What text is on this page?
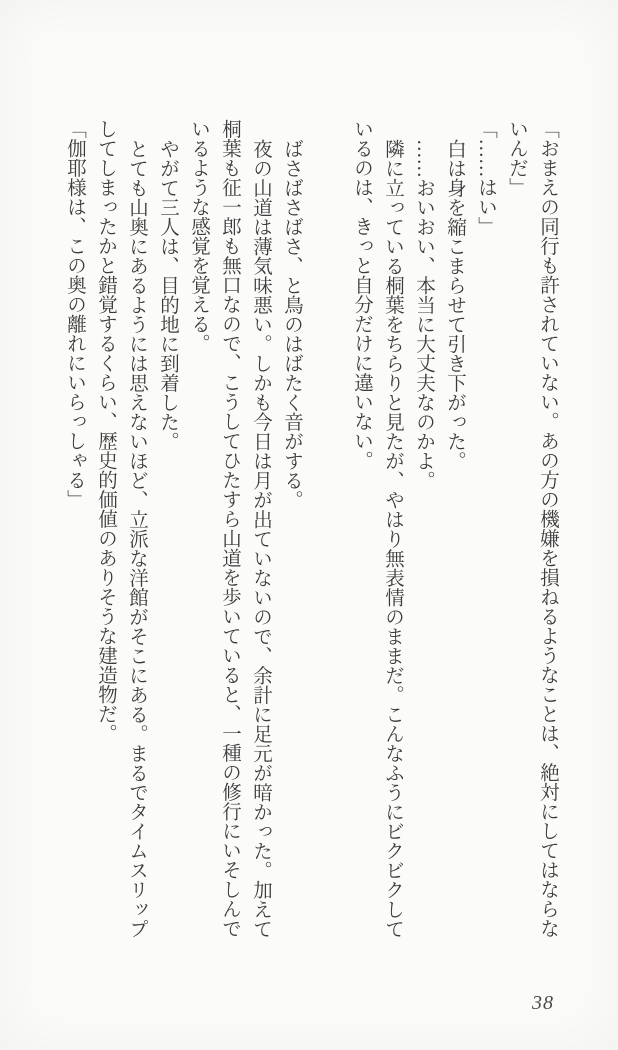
「おまえの同行も許されていない。あの方の機嫌を損ねるようなことは、絶対にしてはならないんだ」

「……はい」

白は身を縮こまらせて引き下がった。

……おいおい、本当に大丈夫なのかよ。

隣に立っている桐葉をちらりと見たが、やはり無表情のままだ。こんなふうにビクビクしているのは、きっと自分だけに違いない。

ばさばさばさ、と鳥のはばたく音がする。

夜の山道は薄気味悪い。しかも今日は月が出ていないので、余計に足元が暗かった。加えて桐葉も征一郎も無口なので、こうしてひたすら山道を歩いていると、一種の修行にいそしんでいるような感覚を覚える。

やがて三人は、目的地に到着した。

とても山奥にあるようには思えないほど、立派な洋館がそこにある。まるでタイムスリップしてしまったかと錯覚するくらい、歴史的価値のありそうな建造物だ。

「伽耶様は、この奥の離れにいらっしゃる」

38
